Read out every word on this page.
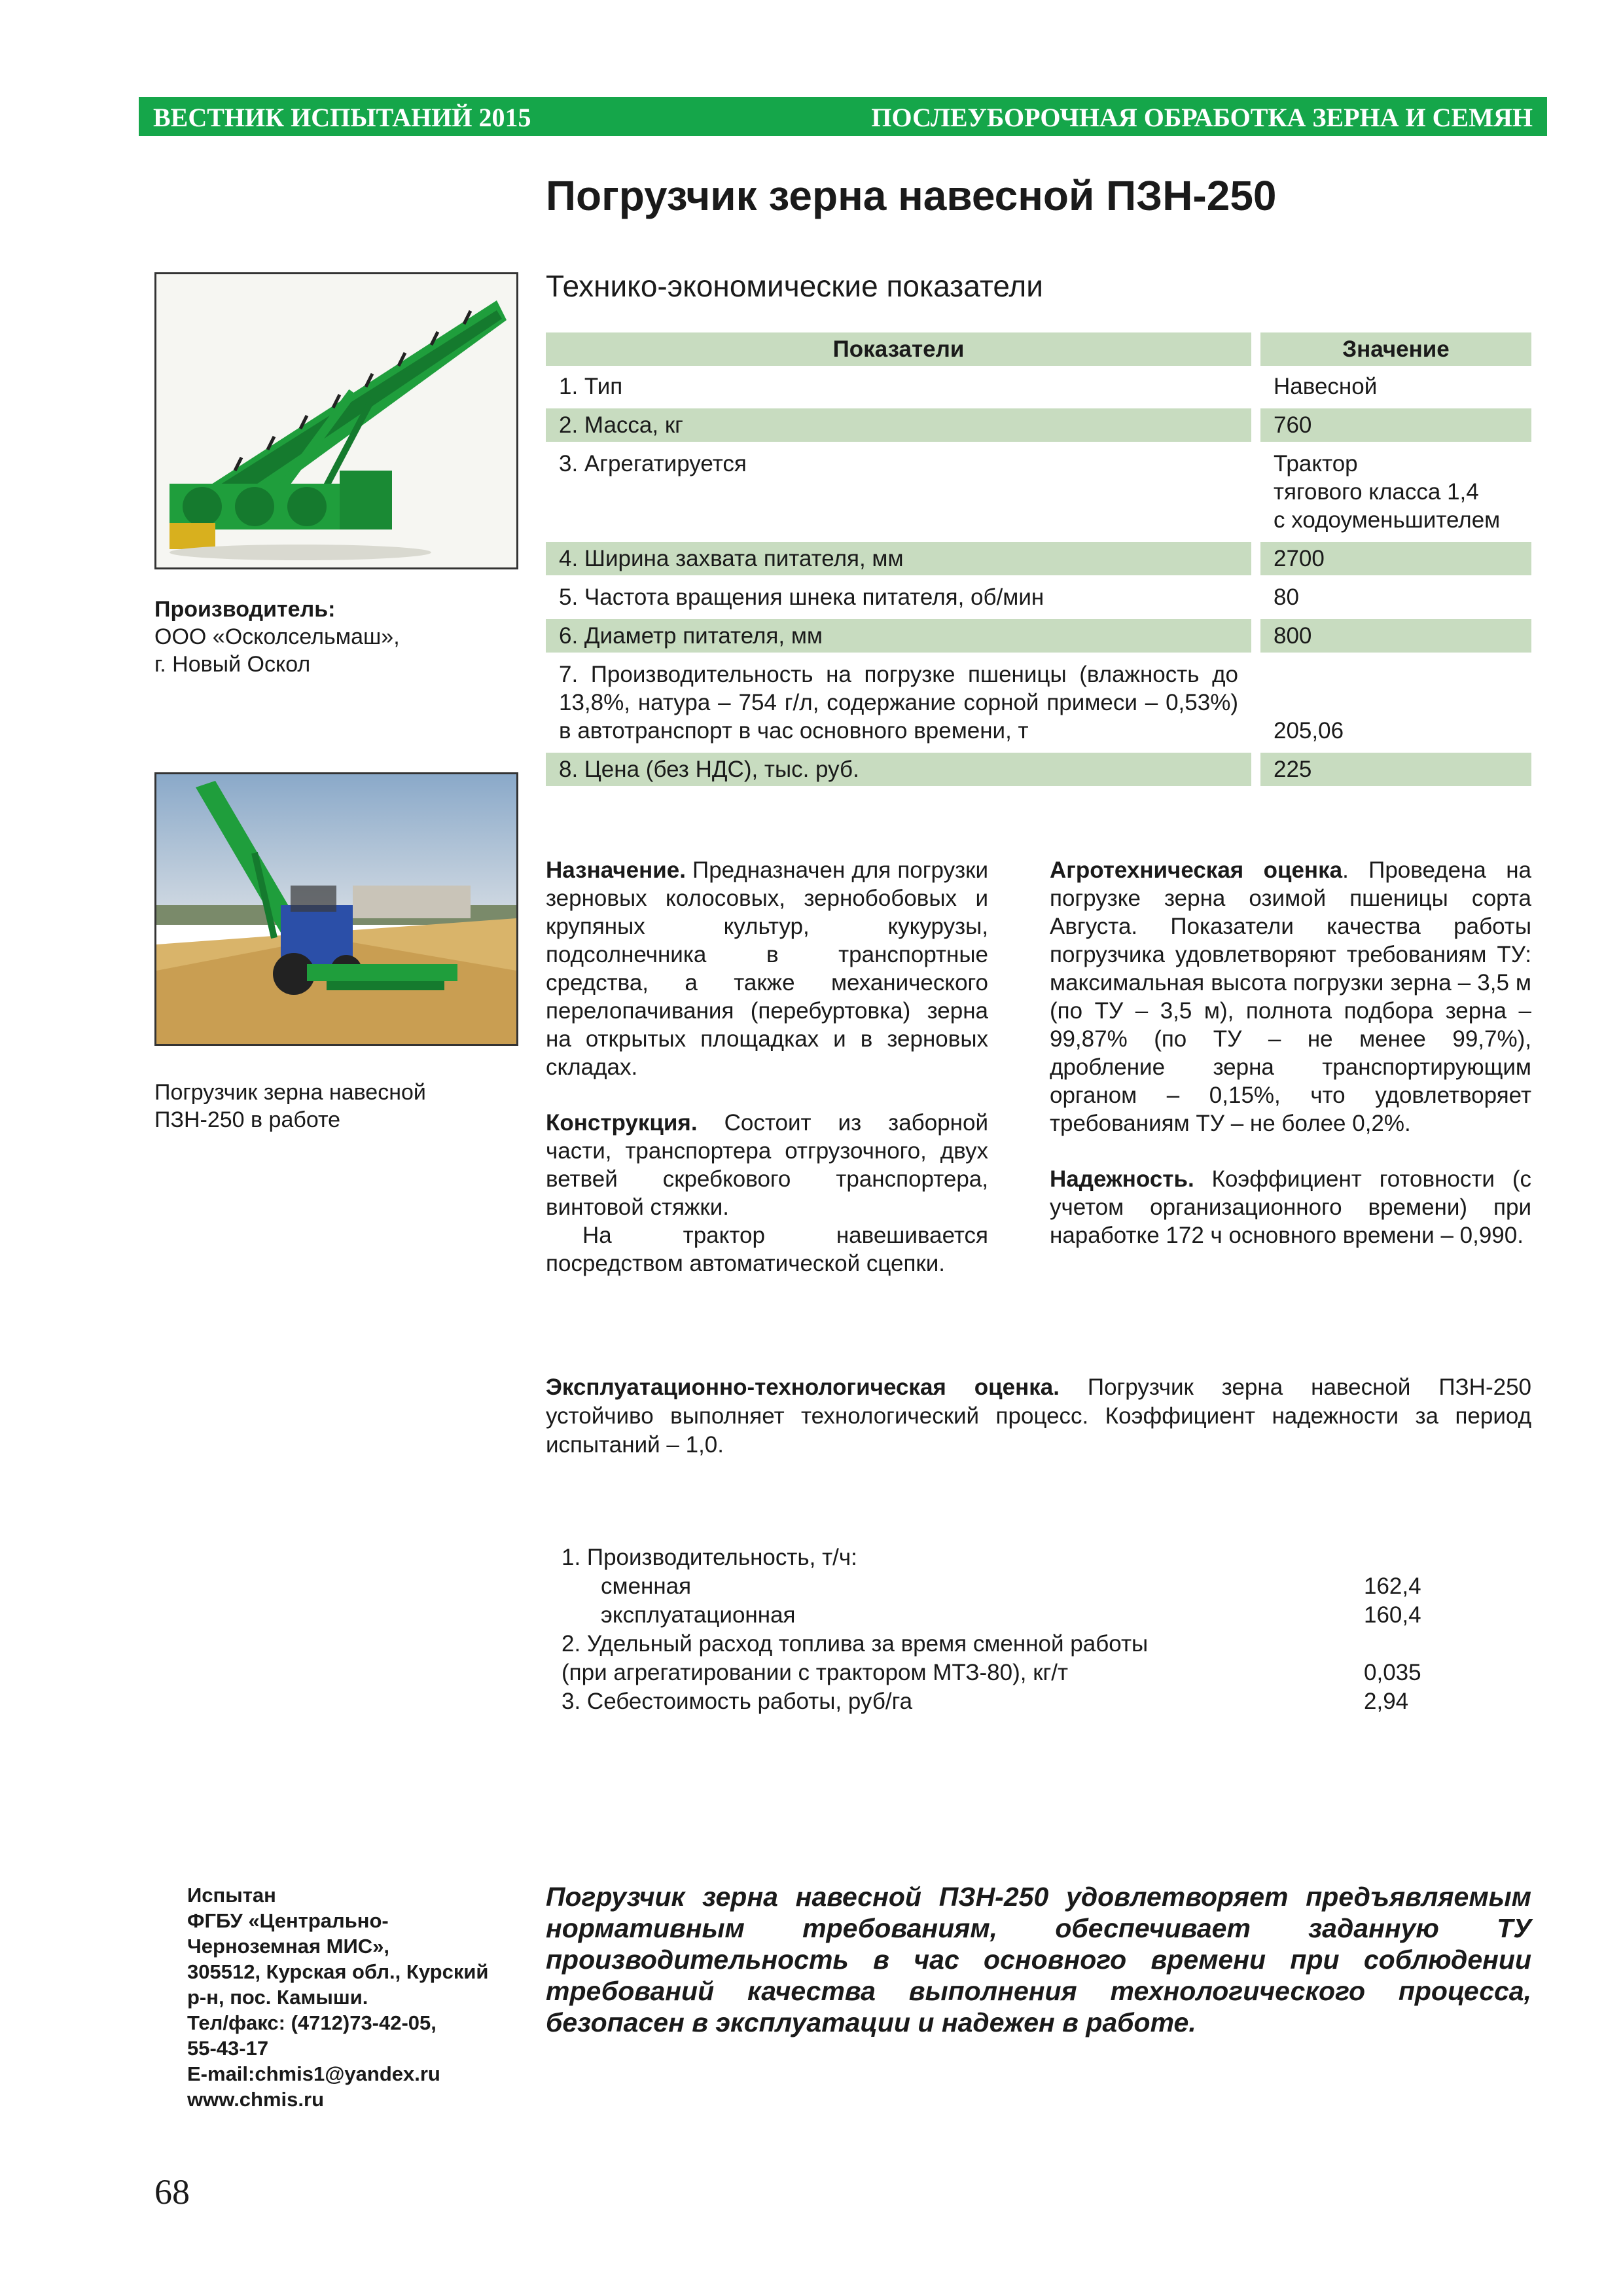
ВЕСТНИК ИСПЫТАНИЙ 2015	ПОСЛЕУБОРОЧНАЯ ОБРАБОТКА ЗЕРНА И СЕМЯН
Погрузчик зерна навесной ПЗН-250
Производитель:
ООО «Осколсельмаш»,
г. Новый Оскол
Погрузчик зерна навесной
ПЗН-250 в работе
Технико-экономические показатели
Показатели	Значение
1. Тип	Навесной
2. Масса, кг	760
3. Агрегатируется	Трактор
тягового класса 1,4
с ходоуменьшителем

4. Ширина захвата питателя, мм	2700
5. Частота вращения шнека питателя, об/мин	80
6. Диаметр питателя, мм	800
7. Производительность на погрузке пшеницы (влажность до 13,8%, натура – 754 г/л, содержание сорной примеси – 0,53%) в автотранспорт в час основного времени, т	205,06
8. Цена (без НДС), тыс. руб.	225

Назначение. Предназначен для погрузки зерновых колосовых, зернобобовых и крупяных культур, кукурузы, подсолнечника в транспортные средства, а также механического перелопачивания (перебуртовка) зерна на открытых площадках и в зерновых складах.

Конструкция. Состоит из заборной части, транспортера отгрузочного, двух ветвей скребкового транспортера, винтовой стяжки.

На трактор навешивается посредством автоматической сцепки.

Агротехническая оценка. Проведена на погрузке зерна озимой пшеницы сорта Августа. Показатели качества работы погрузчика удовлетворяют требованиям ТУ: максимальная высота погрузки зерна – 3,5 м (по ТУ – 3,5 м), полнота подбора зерна – 99,87% (по ТУ – не менее 99,7%), дробление зерна транспортирующим органом – 0,15%, что удовлетворяет требованиям ТУ – не более 0,2%.

Надежность. Коэффициент готовности (с учетом организационного времени) при наработке 172 ч основного времени – 0,990.

Эксплуатационно-технологическая оценка. Погрузчик зерна навесной ПЗН-250 устойчиво выполняет технологический процесс. Коэффициент надежности за период испытаний – 1,0.
1. Производительность, т/ч:
сменная	162,4
эксплуатационная	160,4
2. Удельный расход топлива за время сменной работы
(при агрегатировании с трактором МТЗ-80), кг/т	0,035
3. Себестоимость работы, руб/га	2,94
Испытан
ФГБУ «Центрально-
Черноземная МИС»,
305512, Курская обл., Курский
р-н, пос. Камыши.
Тел/факс: (4712)73-42-05,
55-43-17
E-mail:chmis1@yandex.ru
www.chmis.ru
Погрузчик зерна навесной ПЗН-250 удовлетворяет предъявляемым нормативным требованиям, обеспечивает заданную ТУ производительность в час основного времени при соблюдении требований качества выполнения технологического процесса, безопасен в эксплуатации и надежен в работе.
68
